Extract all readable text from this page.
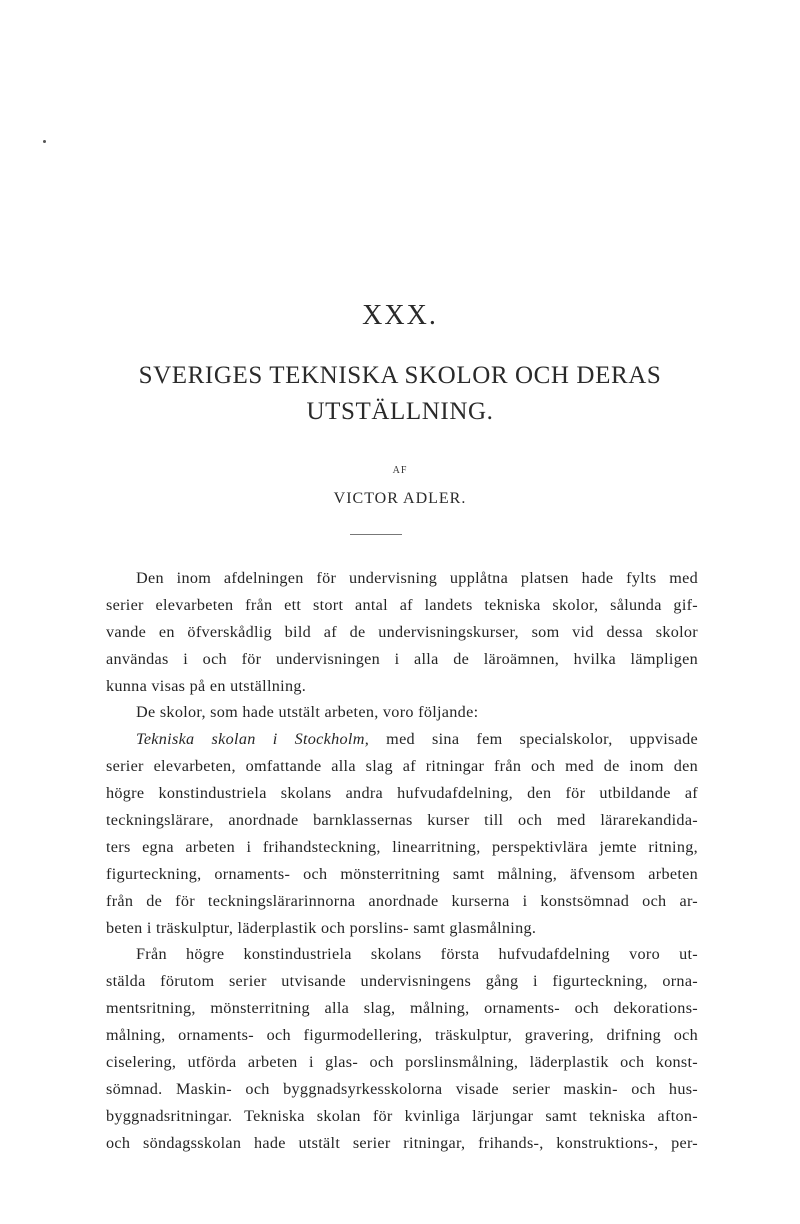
XXX.
SVERIGES TEKNISKA SKOLOR OCH DERAS
UTSTÄLLNING.
AF
VICTOR ADLER.
Den inom afdelningen för undervisning upplåtna platsen hade fylts med
serier elevarbeten från ett stort antal af landets tekniska skolor, sålunda gif-
vande en öfverskådlig bild af de undervisningskurser, som vid dessa skolor
användas i och för undervisningen i alla de läroämnen, hvilka lämpligen
kunna visas på en utställning.
De skolor, som hade utstält arbeten, voro följande:
Tekniska skolan i Stockholm, med sina fem specialskolor, uppvisade
serier elevarbeten, omfattande alla slag af ritningar från och med de inom den
högre konstindustriela skolans andra hufvudafdelning, den för utbildande af
teckningslärare, anordnade barnklassernas kurser till och med lärarekandida-
ters egna arbeten i frihandsteckning, linearritning, perspektivlära jemte ritning,
figurteckning, ornaments- och mönsterritning samt målning, äfvensom arbeten
från de för teckningslärarinnorna anordnade kurserna i konstsömnad och ar-
beten i träskulptur, läderplastik och porslins- samt glasmålning.
Från högre konstindustriela skolans första hufvudafdelning voro ut-
stälda förutom serier utvisande undervisningens gång i figurteckning, orna-
mentsritning, mönsterritning alla slag, målning, ornaments- och dekorations-
målning, ornaments- och figurmodellering, träskulptur, gravering, drifning och
ciselering, utförda arbeten i glas- och porslinsmålning, läderplastik och konst-
sömnad. Maskin- och byggnadsyrkesskolorna visade serier maskin- och hus-
byggnadsritningar. Tekniska skolan för kvinliga lärjungar samt tekniska afton-
och söndagsskolan hade utstält serier ritningar, frihands-, konstruktions-, per-
